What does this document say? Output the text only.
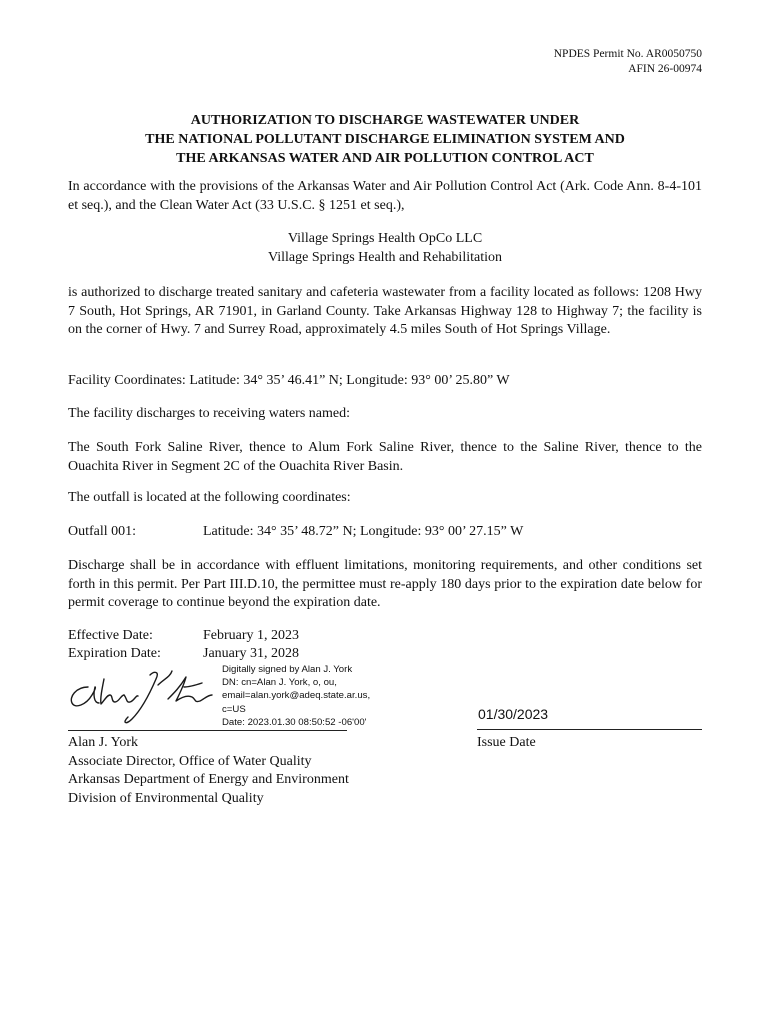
NPDES Permit No. AR0050750
AFIN 26-00974
AUTHORIZATION TO DISCHARGE WASTEWATER UNDER
THE NATIONAL POLLUTANT DISCHARGE ELIMINATION SYSTEM AND
THE ARKANSAS WATER AND AIR POLLUTION CONTROL ACT

In accordance with the provisions of the Arkansas Water and Air Pollution Control Act (Ark. Code Ann. 8-4-101 et seq.), and the Clean Water Act (33 U.S.C. § 1251 et seq.),

Village Springs Health OpCo LLC
Village Springs Health and Rehabilitation

is authorized to discharge treated sanitary and cafeteria wastewater from a facility located as follows: 1208 Hwy 7 South, Hot Springs, AR 71901, in Garland County. Take Arkansas Highway 128 to Highway 7; the facility is on the corner of Hwy. 7 and Surrey Road, approximately 4.5 miles South of Hot Springs Village.

Facility Coordinates: Latitude: 34° 35’ 46.41” N; Longitude: 93° 00’ 25.80” W
The facility discharges to receiving waters named:

The South Fork Saline River, thence to Alum Fork Saline River, thence to the Saline River, thence to the Ouachita River in Segment 2C of the Ouachita River Basin.

The outfall is located at the following coordinates:
Outfall 001:	Latitude: 34° 35’ 48.72” N; Longitude: 93° 00’ 27.15” W

Discharge shall be in accordance with effluent limitations, monitoring requirements, and other conditions set forth in this permit. Per Part III.D.10, the permittee must re-apply 180 days prior to the expiration date below for permit coverage to continue beyond the expiration date.

Effective Date:	February 1, 2023
Expiration Date:	January 31, 2028
Digitally signed by Alan J. York
DN: cn=Alan J. York, o, ou,
email=alan.york@adeq.state.ar.us,
c=US
Date: 2023.01.30 08:50:52 -06'00'
01/30/2023
Issue Date
Alan J. York
Associate Director, Office of Water Quality
Arkansas Department of Energy and Environment
Division of Environmental Quality
